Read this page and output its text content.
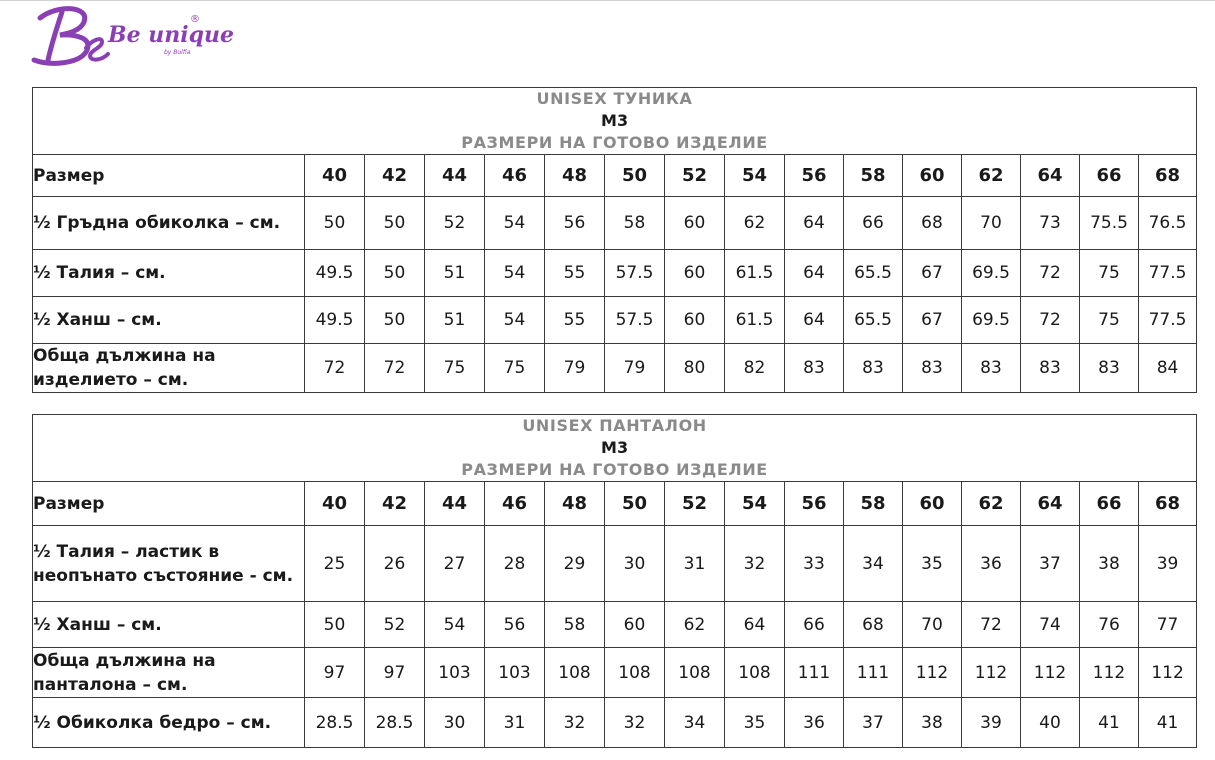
Be unique
by Bulfia
®
UNISEX ТУНИКА
M3
РАЗМЕРИ НА ГОТОВО ИЗДЕЛИЕ															

Размер	40	42	44	46	48	50	52	54	56	58	60	62	64	66	68
½ Гръдна обиколка – см.	50	50	52	54	56	58	60	62	64	66	68	70	73	75.5	76.5
½ Талия – см.	49.5	50	51	54	55	57.5	60	61.5	64	65.5	67	69.5	72	75	77.5
½ Ханш – см.	49.5	50	51	54	55	57.5	60	61.5	64	65.5	67	69.5	72	75	77.5
Обща дължина на изделието – см.	72	72	75	75	79	79	80	82	83	83	83	83	83	83	84
UNISEX ПАНТАЛОН
M3
РАЗМЕРИ НА ГОТОВО ИЗДЕЛИЕ															

Размер	40	42	44	46	48	50	52	54	56	58	60	62	64	66	68
½ Талия – ластик в неопънато състояние - см.	25	26	27	28	29	30	31	32	33	34	35	36	37	38	39
½ Ханш – см.	50	52	54	56	58	60	62	64	66	68	70	72	74	76	77
Обща дължина на панталона – см.	97	97	103	103	108	108	108	108	111	111	112	112	112	112	112
½ Обиколка бедро – см.	28.5	28.5	30	31	32	32	34	35	36	37	38	39	40	41	41
